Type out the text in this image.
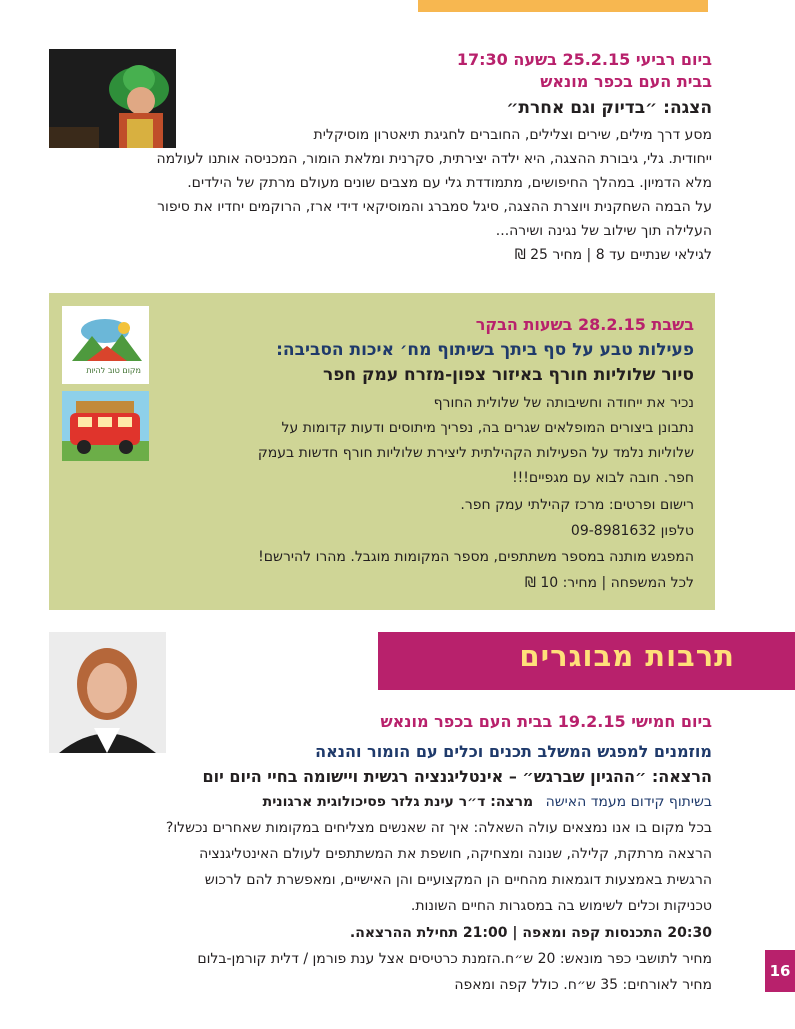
ביום רביעי 25.2.15 בשעה 17:30
בבית העם בכפר מונאש
הצגה: ״בדיוק וגם אחרת״
מסע דרך מילים, שירים וצלילים, החוברים לחגיגת תיאטרון מוסיקלית
ייחודית. גלי, גיבורת ההצגה, היא ילדה יצירתית, סקרנית ומלאת הומור, המכניסה אותנו לעולמה
מלא הדמיון. במהלך החיפושים, מתמודדת גלי עם מצבים שונים מעולם מרתק של הילדים.
על הבמה השחקנית ויוצרת ההצגה, סיגל סמברג והמוסיקאי דידי ארז, הרוקמים יחדיו את סיפור
העלילה תוך שילוב של נגינה ושירה...
לגילאי שנתיים עד 8 | מחיר 25 ₪
מקום טוב להיות
בשבת 28.2.15 בשעות הבקר
פעילות טבע על סף ביתך בשיתוף מח׳ איכות הסביבה:
סיור שלוליות חורף באיזור צפון-מזרח עמק חפר
נכיר את ייחודה וחשיבותה של שלולית החורף
נתבונן ביצורים המופלאים שגרים בה, נפריך מיתוסים ודעות קדומות על
שלוליות נלמד על הפעילות הקהילתית ליצירת שלוליות חורף חדשות בעמק
חפר. חובה לבוא עם מגפיים!!!
רישום ופרטים: מרכז קהילתי עמק חפר.
טלפון 09-8981632
המפגש מותנה במספר משתתפים, מספר המקומות מוגבל. מהרו להירשם!
לכל המשפחה | מחיר: 10 ₪
תרבות מבוגרים
ביום חמישי 19.2.15 בבית העם בכפר מונאש
מוזמנים למפגש המשלב תכנים וכלים עם הומור והנאה
הרצאה: ״ההגיון שברגש״ – אינטליגנציה רגשית ויישומה בחיי היום יום
בשיתוף קידום מעמד האישה מרצה: ד״ר עינת גלזר פסיכולוגית ארגונית
בכל מקום בו אנו נמצאים עולה השאלה: איך זה שאנשים מצליחים במקומות שאחרים נכשלו?
הרצאה מרתקת, קלילה, שנונה ומצחיקה, חושפת את המשתתפים לעולם האינטליגנציה
הרגשית באמצעות דוגמאות מהחיים הן המקצועיים והן האישיים, ומאפשרת להם לרכוש
טכניקות וכלים לשימוש בה במסגרות החיים השונות.
20:30 התכנסות קפה ומאפה | 21:00 תחילת ההרצאה.
מחיר לתושבי כפר מונאש: 20 ש״ח.הזמנת כרטיסים אצל ענת פורמן / דלית קורמן-בלום
מחיר לאורחים: 35 ש״ח. כולל קפה ומאפה
16
